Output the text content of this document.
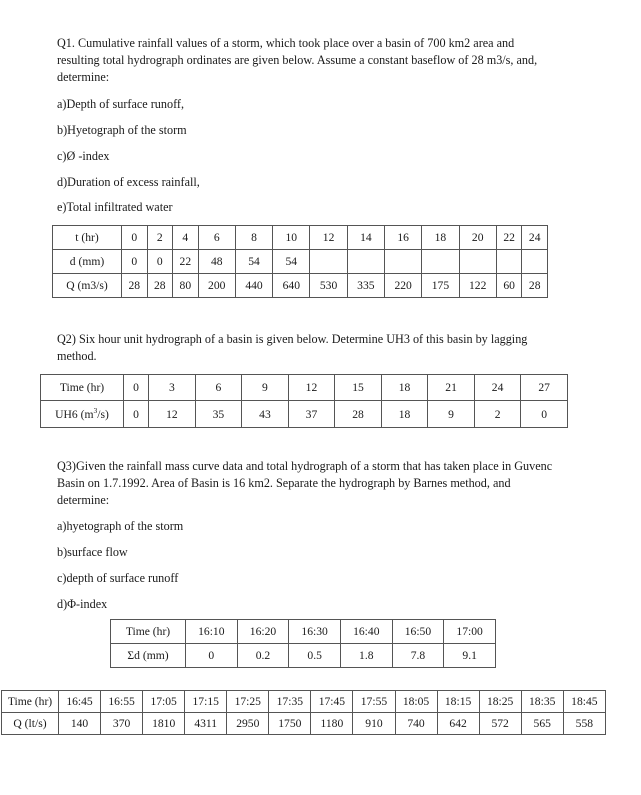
Q1. Cumulative rainfall values of a storm, which took place over a basin of 700 km2 area and resulting total hydrograph ordinates are given below. Assume a constant baseflow of 28 m3/s, and, determine:
a)Depth of surface runoff,
b)Hyetograph of the storm
c)Ø -index
d)Duration of excess rainfall,
e)Total infiltrated water
t (hr)	0	2	4	6	8	10	12	14	16	18	20	22	24
d (mm)	0	0	22	48	54	54							
Q (m3/s)	28	28	80	200	440	640	530	335	220	175	122	60	28
Q2) Six hour unit hydrograph of a basin is given below. Determine UH3 of this basin by lagging method.
Time (hr)	0	3	6	9	12	15	18	21	24	27
UH6 $(m^3/s)$	0	12	35	43	37	28	18	9	2	0
Q3)Given the rainfall mass curve data and total hydrograph of a storm that has taken place in Guvenc Basin on 1.7.1992. Area of Basin is 16 km2. Separate the hydrograph by Barnes method, and determine:
a)hyetograph of the storm
b)surface flow
c)depth of surface runoff
d)Φ-index
Time (hr)	16:10	16:20	16:30	16:40	16:50	17:00
Σd (mm)	0	0.2	0.5	1.8	7.8	9.1
Time (hr)	16:45	16:55	17:05	17:15	17:25	17:35	17:45	17:55	18:05	18:15	18:25	18:35	18:45
Q (lt/s)	140	370	1810	4311	2950	1750	1180	910	740	642	572	565	558
